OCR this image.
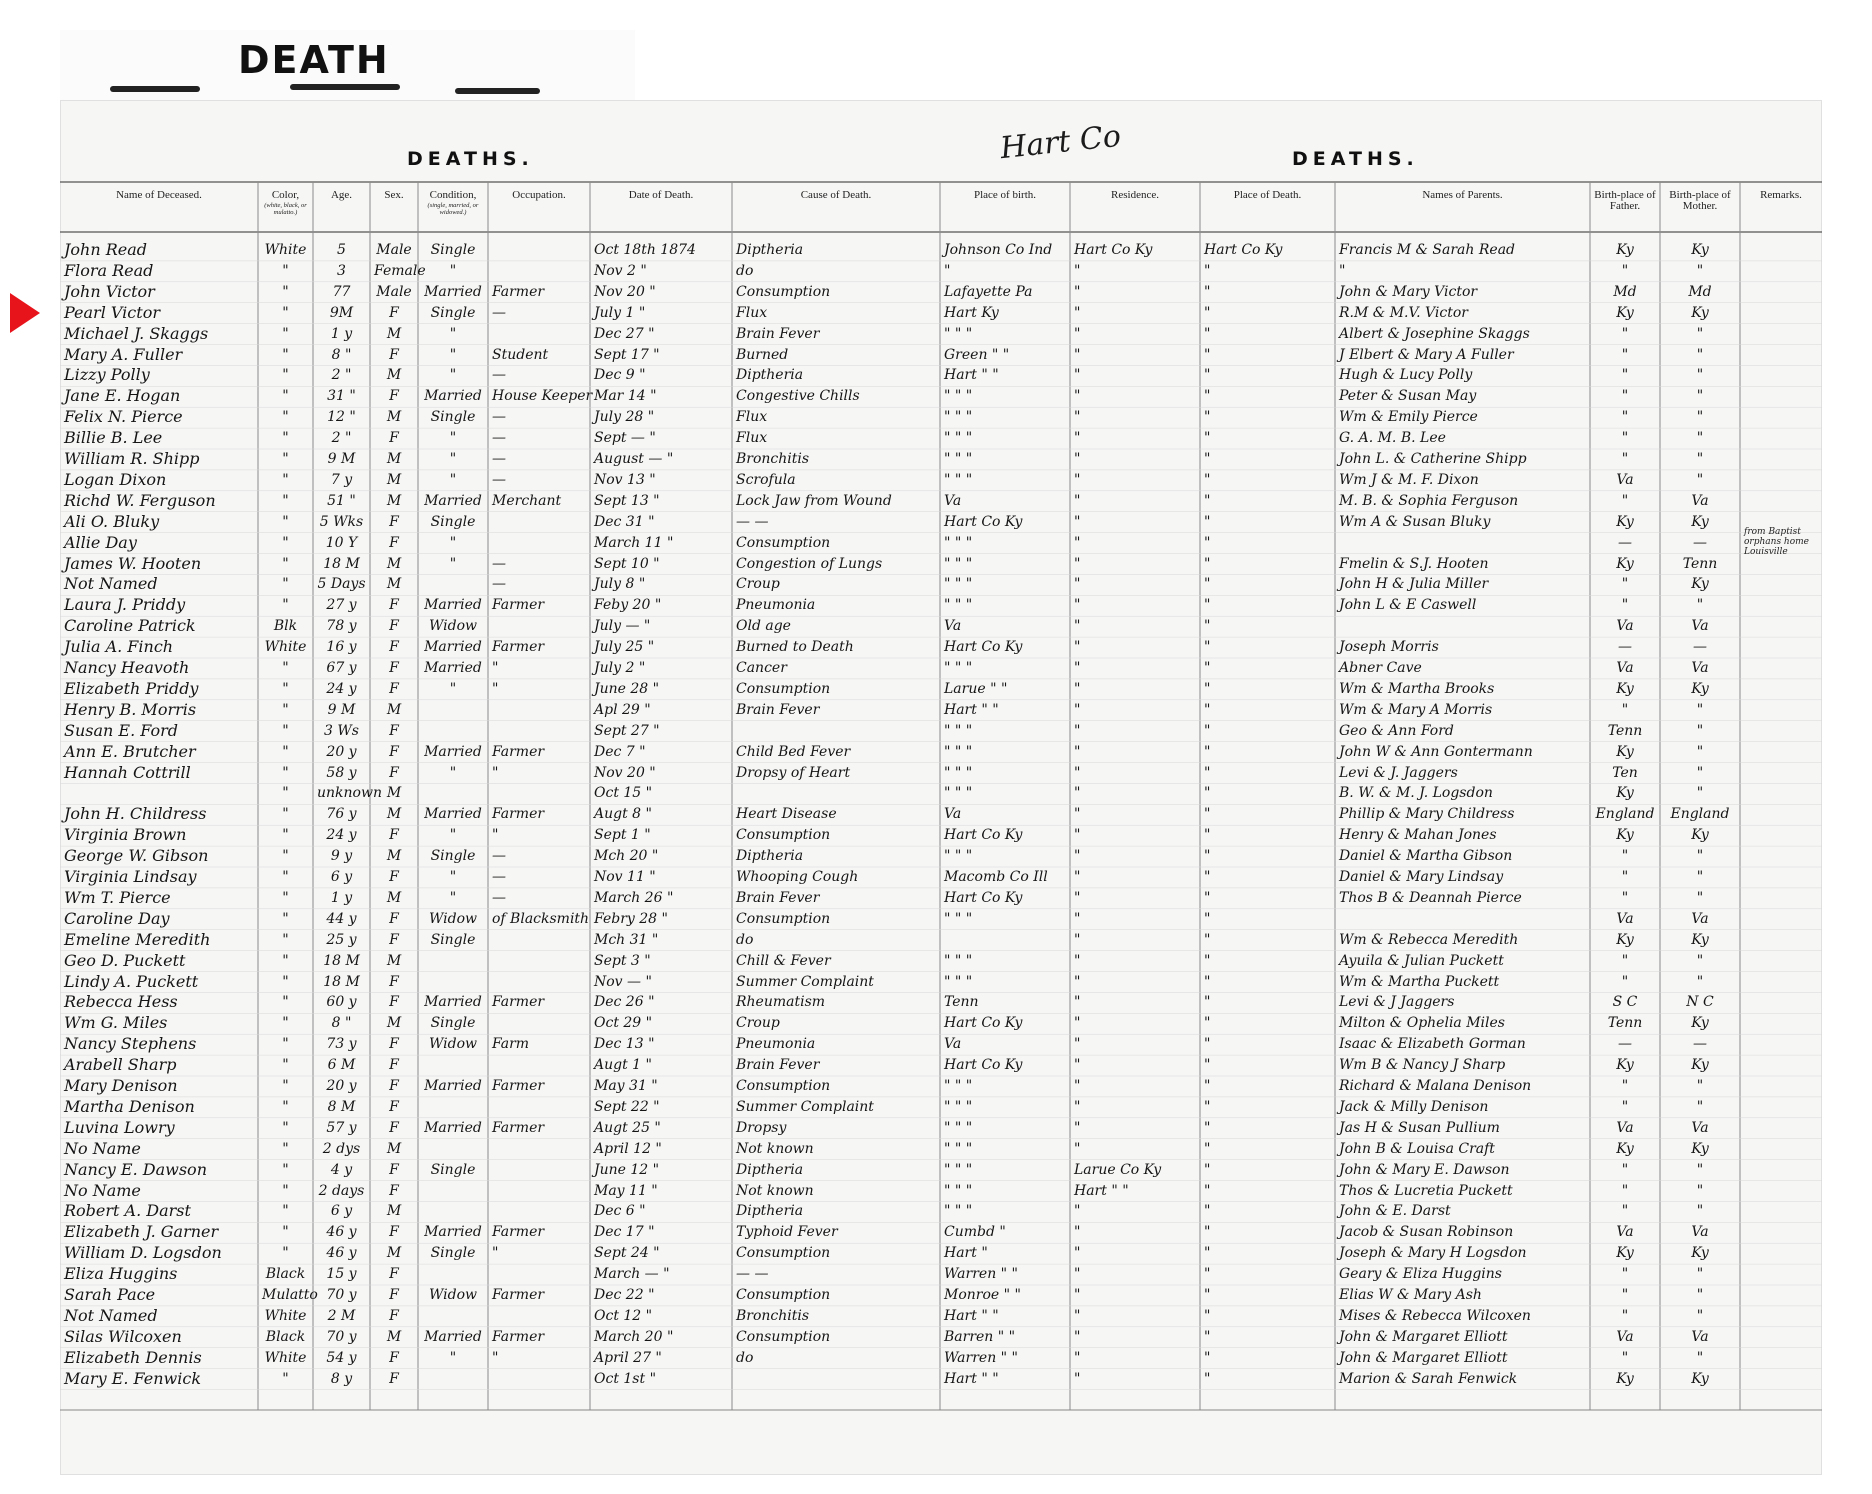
DEATH
Hart Co
DEATHS.	DEATHS.
Name of Deceased.	Color,
(white, black, or mulatto.)
Age.	Sex.	Condition,
(single, married, or widowed.)
Occupation.	Date of Death.	Cause of Death.	Place of birth.	Residence.	Place of Death.	Names of Parents.	Birth-place of Father.
Birth-place of Mother.
Remarks.
John Read	White	5	Male	Single	Oct 18th 1874	Diptheria	Johnson Co Ind	Hart Co Ky	Hart Co Ky	Francis M & Sarah Read	Ky	Ky
Flora Read	"	3	Female	"	Nov 2 "	do	"	"	"	"	"	"
John Victor	"	77	Male Married Farmer	Nov 20 "	Consumption	Lafayette Pa	"	"	John & Mary Victor	Md	Md
Pearl Victor	"	9M	F	Single	—	July 1 "	Flux	Hart Ky	"	"	R.M & M.V. Victor	Ky	Ky
Michael J. Skaggs	"	1 y	M	"	Dec 27 "	Brain Fever	" " "	"	"	Albert & Josephine Skaggs	"	"
Mary A. Fuller	"	8 "	F	"	Student	Sept 17 "	Burned	Green " "	"	"	J Elbert & Mary A Fuller	"	"
Lizzy Polly	"	2 "	M	"	—	Dec 9 "	Diptheria	Hart " "	"	"	Hugh & Lucy Polly	"	"
Jane E. Hogan	"	31 "	F	Married House Keeper Mar 14 "	Congestive Chills	" " "	"	"	Peter & Susan May	"	"
Felix N. Pierce	"	12 "	M	Single	—	July 28 "	Flux	" " "	"	"	Wm & Emily Pierce	"	"
Billie B. Lee	"	2 "	F	"	—	Sept — "	Flux	" " "	"	"	G. A. M. B. Lee	"	"
William R. Shipp	"	9 M	M	"	—	August — "	Bronchitis	" " "	"	"	John L. & Catherine Shipp	"	"
Logan Dixon	"	7 y	M	"	—	Nov 13 "	Scrofula	" " "	"	"	Wm J & M. F. Dixon	Va	"
Richd W. Ferguson	"	51 "	M	Married Merchant	Sept 13 "	Lock Jaw from Wound	Va	"	"	M. B. & Sophia Ferguson	"	Va
Ali O. Bluky	"	5 Wks	F	Single	Dec 31 "	— —	Hart Co Ky	"	"	Wm A & Susan Bluky	Ky	Ky
Allie Day	"	10 Y	F	"	March 11 "	Consumption	" " "	"	"	—	—
James W. Hooten	"	18 M	M	"	—	Sept 10 "	Congestion of Lungs	" " "	"	"	Fmelin & S.J. Hooten	Ky	Tenn
Not Named	"	5 Days	M	—	July 8 "	Croup	" " "	"	"	John H & Julia Miller	"	Ky
Laura J. Priddy	"	27 y	F	Married Farmer	Feby 20 "	Pneumonia	" " "	"	"	John L & E Caswell	"	"
Caroline Patrick	Blk	78 y	F	Widow	July — "	Old age	Va	"	"	Va	Va
Julia A. Finch	White	16 y	F	Married Farmer	July 25 "	Burned to Death	Hart Co Ky	"	"	Joseph Morris	—	—
Nancy Heavoth	"	67 y	F	Married "	July 2 "	Cancer	" " "	"	"	Abner Cave	Va	Va
Elizabeth Priddy	"	24 y	F	"	"	June 28 "	Consumption	Larue " "	"	"	Wm & Martha Brooks	Ky	Ky
Henry B. Morris	"	9 M	M	Apl 29 "	Brain Fever	Hart " "	"	"	Wm & Mary A Morris	"	"
Susan E. Ford	"	3 Ws	F	Sept 27 "	" " "	"	"	Geo & Ann Ford	Tenn	"
Ann E. Brutcher	"	20 y	F	Married Farmer	Dec 7 "	Child Bed Fever	" " "	"	"	John W & Ann Gontermann	Ky	"
Hannah Cottrill	"	58 y	F	"	"	Nov 20 "	Dropsy of Heart	" " "	"	"	Levi & J. Jaggers	Ten	"
"	unknown M	Oct 15 "	" " "	"	"	B. W. & M. J. Logsdon	Ky	"
John H. Childress	"	76 y	M	Married Farmer	Augt 8 "	Heart Disease	Va	"	"	Phillip & Mary Childress	England	England
Virginia Brown	"	24 y	F	"	"	Sept 1 "	Consumption	Hart Co Ky	"	"	Henry & Mahan Jones	Ky	Ky
George W. Gibson	"	9 y	M	Single	—	Mch 20 "	Diptheria	" " "	"	"	Daniel & Martha Gibson	"	"
Virginia Lindsay	"	6 y	F	"	—	Nov 11 "	Whooping Cough	Macomb Co Ill	"	"	Daniel & Mary Lindsay	"	"
Wm T. Pierce	"	1 y	M	"	—	March 26 "	Brain Fever	Hart Co Ky	"	"	Thos B & Deannah Pierce	"	"
Caroline Day	"	44 y	F	Widow	of Blacksmith Febry 28 "	Consumption	" " "	"	"	Va	Va
Emeline Meredith	"	25 y	F	Single	Mch 31 "	do	"	"	Wm & Rebecca Meredith	Ky	Ky
Geo D. Puckett	"	18 M	M	Sept 3 "	Chill & Fever	" " "	"	"	Ayuila & Julian Puckett	"	"
Lindy A. Puckett	"	18 M	F	Nov — "	Summer Complaint	" " "	"	"	Wm & Martha Puckett	"	"
Rebecca Hess	"	60 y	F	Married Farmer	Dec 26 "	Rheumatism	Tenn	"	"	Levi & J Jaggers	S C	N C
Wm G. Miles	"	8 "	M	Single	Oct 29 "	Croup	Hart Co Ky	"	"	Milton & Ophelia Miles	Tenn	Ky
Nancy Stephens	"	73 y	F	Widow	Farm	Dec 13 "	Pneumonia	Va	"	"	Isaac & Elizabeth Gorman	—	—
Arabell Sharp	"	6 M	F	Augt 1 "	Brain Fever	Hart Co Ky	"	"	Wm B & Nancy J Sharp	Ky	Ky
Mary Denison	"	20 y	F	Married Farmer	May 31 "	Consumption	" " "	"	"	Richard & Malana Denison	"	"
Martha Denison	"	8 M	F	Sept 22 "	Summer Complaint	" " "	"	"	Jack & Milly Denison	"	"
Luvina Lowry	"	57 y	F	Married Farmer	Augt 25 "	Dropsy	" " "	"	"	Jas H & Susan Pullium	Va	Va
No Name	"	2 dys	M	April 12 "	Not known	" " "	"	"	John B & Louisa Craft	Ky	Ky
Nancy E. Dawson	"	4 y	F	Single	June 12 "	Diptheria	" " "	Larue Co Ky	"	John & Mary E. Dawson	"	"
No Name	"	2 days	F	May 11 "	Not known	" " "	Hart " "	"	Thos & Lucretia Puckett	"	"
Robert A. Darst	"	6 y	M	Dec 6 "	Diptheria	" " "	"	"	John & E. Darst	"	"
Elizabeth J. Garner	"	46 y	F	Married Farmer	Dec 17 "	Typhoid Fever	Cumbd "	"	"	Jacob & Susan Robinson	Va	Va
William D. Logsdon	"	46 y	M	Single	"	Sept 24 "	Consumption	Hart "	"	"	Joseph & Mary H Logsdon	Ky	Ky
Eliza Huggins	Black	15 y	F	March — "	— —	Warren " "	"	"	Geary & Eliza Huggins	"	"
Sarah Pace	Mulatto 70 y	F	Widow	Farmer	Dec 22 "	Consumption	Monroe " "	"	"	Elias W & Mary Ash	"	"
Not Named	White	2 M	F	Oct 12 "	Bronchitis	Hart " "	"	"	Mises & Rebecca Wilcoxen	"	"
Silas Wilcoxen	Black	70 y	M	Married Farmer	March 20 "	Consumption	Barren " "	"	"	John & Margaret Elliott	Va	Va
Elizabeth Dennis	White	54 y	F	"	"	April 27 "	do	Warren " "	"	"	John & Margaret Elliott	"	"
Mary E. Fenwick	"	8 y	F	Oct 1st "	Hart " "	"	"	Marion & Sarah Fenwick	Ky	Ky
from Baptist orphans home Louisville
